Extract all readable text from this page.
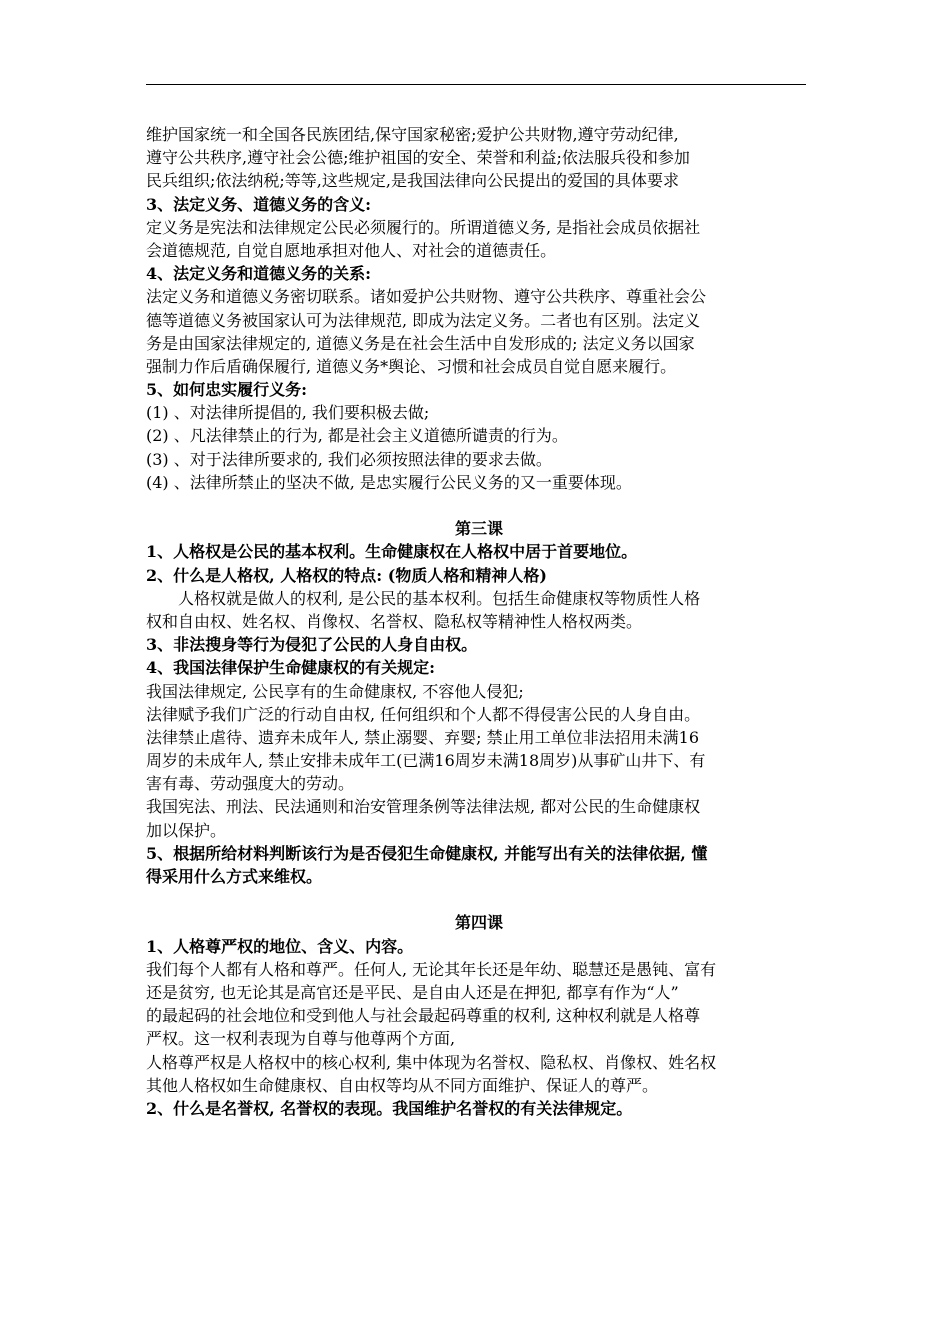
维护国家统一和全国各民族团结,保守国家秘密;爱护公共财物,遵守劳动纪律,
遵守公共秩序,遵守社会公德;维护祖国的安全、荣誉和利益;依法服兵役和参加
民兵组织;依法纳税;等等,这些规定,是我国法律向公民提出的爱国的具体要求
3、法定义务、道德义务的含义:
定义务是宪法和法律规定公民必须履行的。所谓道德义务, 是指社会成员依据社
会道德规范, 自觉自愿地承担对他人、对社会的道德责任。
4、法定义务和道德义务的关系:
法定义务和道德义务密切联系。诸如爱护公共财物、遵守公共秩序、尊重社会公
德等道德义务被国家认可为法律规范, 即成为法定义务。二者也有区别。法定义
务是由国家法律规定的, 道德义务是在社会生活中自发形成的; 法定义务以国家
强制力作后盾确保履行, 道德义务*舆论、习惯和社会成员自觉自愿来履行。
5、如何忠实履行义务:
(1) 、对法律所提倡的, 我们要积极去做;
(2) 、凡法律禁止的行为, 都是社会主义道德所谴责的行为。
(3) 、对于法律所要求的, 我们必须按照法律的要求去做。
(4) 、法律所禁止的坚决不做, 是忠实履行公民义务的又一重要体现。
第三课
1、人格权是公民的基本权利。生命健康权在人格权中居于首要地位。
2、什么是人格权, 人格权的特点: (物质人格和精神人格)
人格权就是做人的权利, 是公民的基本权利。包括生命健康权等物质性人格
权和自由权、姓名权、肖像权、名誉权、隐私权等精神性人格权两类。
3、非法搜身等行为侵犯了公民的人身自由权。
4、我国法律保护生命健康权的有关规定:
我国法律规定, 公民享有的生命健康权, 不容他人侵犯;
法律赋予我们广泛的行动自由权, 任何组织和个人都不得侵害公民的人身自由。
法律禁止虐待、遗弃未成年人, 禁止溺婴、弃婴; 禁止用工单位非法招用未满16
周岁的未成年人, 禁止安排未成年工(已满16周岁未满18周岁)从事矿山井下、有
害有毒、劳动强度大的劳动。
我国宪法、刑法、民法通则和治安管理条例等法律法规, 都对公民的生命健康权
加以保护。
5、根据所给材料判断该行为是否侵犯生命健康权, 并能写出有关的法律依据, 懂
得采用什么方式来维权。
第四课
1、人格尊严权的地位、含义、内容。
我们每个人都有人格和尊严。任何人, 无论其年长还是年幼、聪慧还是愚钝、富有
还是贫穷, 也无论其是高官还是平民、是自由人还是在押犯, 都享有作为“人”
的最起码的社会地位和受到他人与社会最起码尊重的权利, 这种权利就是人格尊
严权。这一权利表现为自尊与他尊两个方面,
人格尊严权是人格权中的核心权利, 集中体现为名誉权、隐私权、肖像权、姓名权
其他人格权如生命健康权、自由权等均从不同方面维护、保证人的尊严。
2、什么是名誉权, 名誉权的表现。我国维护名誉权的有关法律规定。
